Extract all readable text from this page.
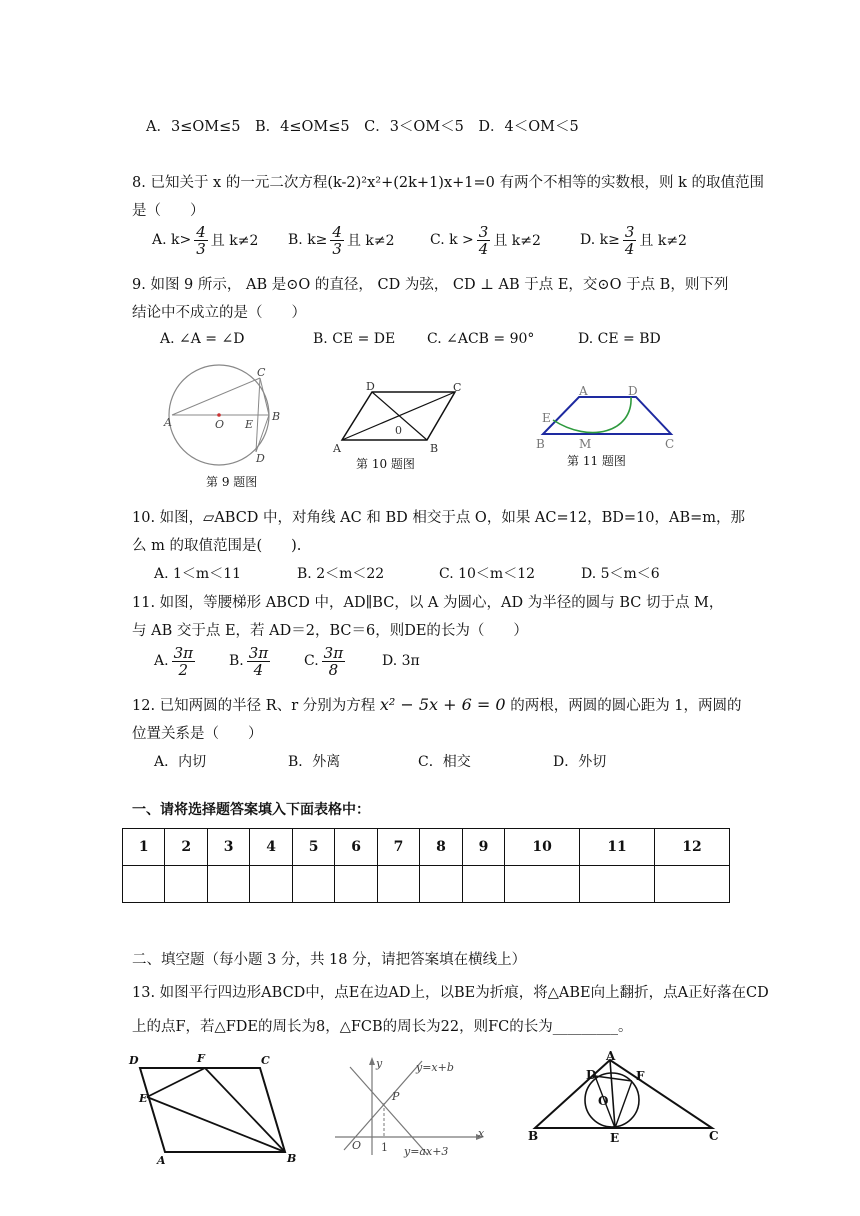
A．3≤OM≤5　B．4≤OM≤5　C．3＜OM＜5　D．4＜OM＜5
8. 已知关于 x 的一元二次方程(k-2)²x²+(2k+1)x+1=0 有两个不相等的实数根，则 k 的取值范围
是（　　）
A. $k> \frac{4}{3}$ 且 k≠2 B. $k\ge \frac{4}{3}$ 且 k≠2	C. $k > \frac{3}{4}$ 且 k≠2	D. $k\ge \frac{3}{4}$ 且 k≠2
9. 如图 9 所示， AB 是⊙O 的直径， CD 为弦， CD ⊥ AB 于点 E，交⊙O 于点 B，则下列
结论中不成立的是（　　）
A. ∠A = ∠D	B. CE = DE C. ∠ACB = 90°	D. CE = BD
A	O E
B
C
D
第 9 题图
D	C
A	B
0
第 10 题图
A	D
E
B	M	C
第 11 题图
10. 如图，▱ABCD 中，对角线 AC 和 BD 相交于点 O，如果 AC=12，BD=10，AB=m，那
么 m 的取值范围是(　　).
A. 1＜m＜11	B. 2＜m＜22	C. 10＜m＜12	D. 5＜m＜6
11. 如图，等腰梯形 ABCD 中，AD∥BC，以 A 为圆心，AD 为半径的圆与 BC 切于点 M，
与 AB 交于点 E，若 AD＝2，BC＝6，则DE的长为（　　）
A. $\frac{3\pi}{2} B$. $\frac{3\pi}{4} C$. $\frac{3\pi}{8}$	D. 3π
12. 已知两圆的半径 R、r 分别为方程 x² − 5x + 6 = 0 的两根，两圆的圆心距为 1，两圆的
位置关系是（　　）
A．内切	B．外离	C．相交	D．外切
一、请将选择题答案填入下面表格中：
1	2	3	4	5	6	7	8	9	10	11	12

二、填空题（每小题 3 分，共 18 分，请把答案填在横线上）
13. 如图平行四边形ABCD中，点E在边AD上，以BE为折痕，将△ABE向上翻折，点A正好落在CD
上的点F，若△FDE的周长为8，△FCB的周长为22，则FC的长为_________。
D	F	C
E
A	B
y
x
O 1
P
y=x+b
y=ax+3
A
D	F
O
B	E	C
